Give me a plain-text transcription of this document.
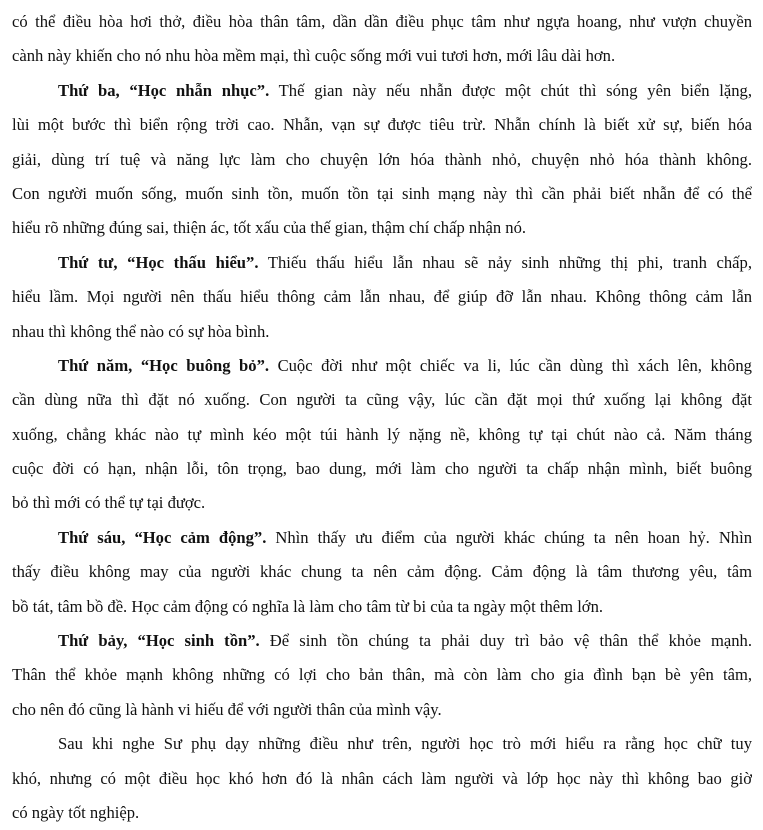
có thể điều hòa hơi thở, điều hòa thân tâm, dần dần điều phục tâm như ngựa hoang, như vượn chuyền
cành này khiến cho nó nhu hòa mềm mại, thì cuộc sống mới vui tươi hơn, mới lâu dài hơn.
Thứ ba, “Học nhẫn nhục”. Thế gian này nếu nhẫn được một chút thì sóng yên biển lặng,
lùi một bước thì biển rộng trời cao. Nhẫn, vạn sự được tiêu trừ. Nhẫn chính là biết xử sự, biến hóa
giải, dùng trí tuệ và năng lực làm cho chuyện lớn hóa thành nhỏ, chuyện nhỏ hóa thành không.
Con người muốn sống, muốn sinh tồn, muốn tồn tại sinh mạng này thì cần phải biết nhẫn để có thể
hiểu rõ những đúng sai, thiện ác, tốt xấu của thế gian, thậm chí chấp nhận nó.
Thứ tư, “Học thấu hiểu”. Thiếu thấu hiểu lẫn nhau sẽ nảy sinh những thị phi, tranh chấp,
hiểu lầm. Mọi người nên thấu hiểu thông cảm lẫn nhau, để giúp đỡ lẫn nhau. Không thông cảm lẫn
nhau thì không thể nào có sự hòa bình.
Thứ năm, “Học buông bỏ”. Cuộc đời như một chiếc va li, lúc cần dùng thì xách lên, không
cần dùng nữa thì đặt nó xuống. Con người ta cũng vậy, lúc cần đặt mọi thứ xuống lại không đặt
xuống, chẳng khác nào tự mình kéo một túi hành lý nặng nề, không tự tại chút nào cả. Năm tháng
cuộc đời có hạn, nhận lỗi, tôn trọng, bao dung, mới làm cho người ta chấp nhận mình, biết buông
bỏ thì mới có thể tự tại được.
Thứ sáu, “Học cảm động”. Nhìn thấy ưu điểm của người khác chúng ta nên hoan hỷ. Nhìn
thấy điều không may của người khác chung ta nên cảm động. Cảm động là tâm thương yêu, tâm
bồ tát, tâm bồ đề. Học cảm động có nghĩa là làm cho tâm từ bi của ta ngày một thêm lớn.
Thứ bảy, “Học sinh tồn”. Để sinh tồn chúng ta phải duy trì bảo vệ thân thể khỏe mạnh.
Thân thể khỏe mạnh không những có lợi cho bản thân, mà còn làm cho gia đình bạn bè yên tâm,
cho nên đó cũng là hành vi hiếu để với người thân của mình vậy.
Sau khi nghe Sư phụ dạy những điều như trên, người học trò mới hiểu ra rằng học chữ tuy
khó, nhưng có một điều học khó hơn đó là nhân cách làm người và lớp học này thì không bao giờ
có ngày tốt nghiệp.
